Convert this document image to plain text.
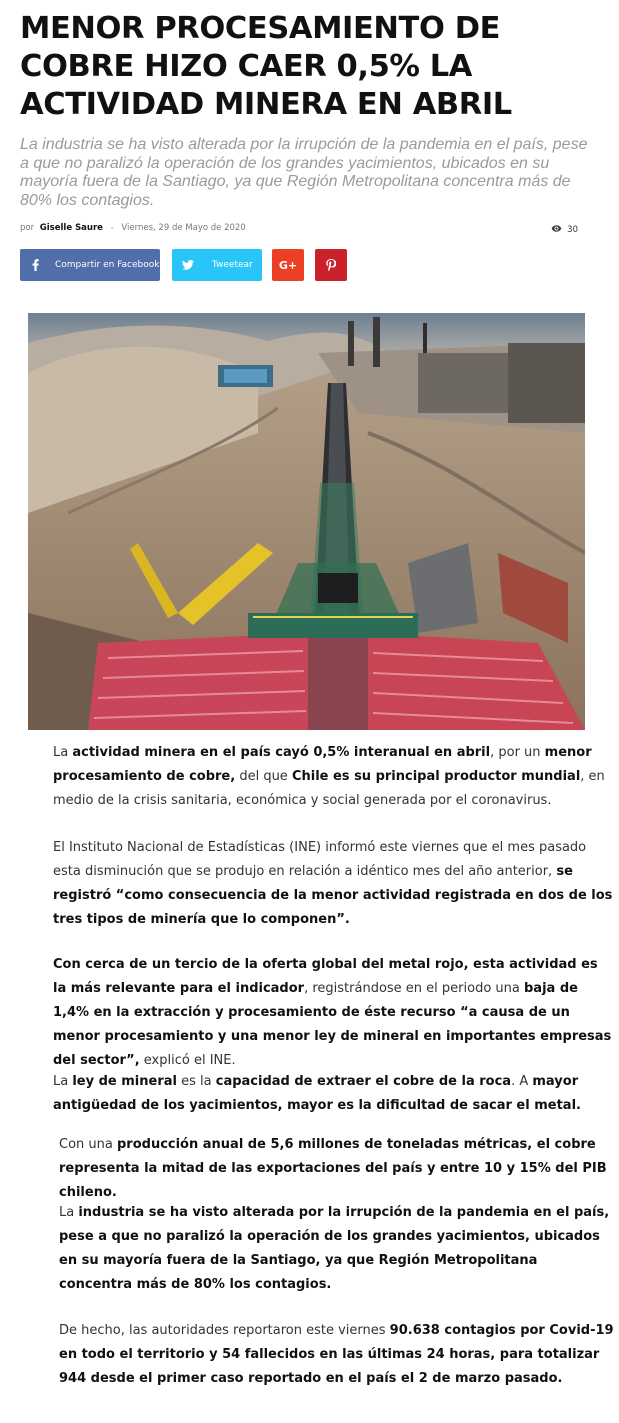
MENOR PROCESAMIENTO DE COBRE HIZO CAER 0,5% LA ACTIVIDAD MINERA EN ABRIL

La industria se ha visto alterada por la irrupción de la pandemia en el país, pese a que no paralizó la operación de los grandes yacimientos, ubicados en su mayoría fuera de la Santiago, ya que Región Metropolitana concentra más de 80% los contagios.

por Giselle Saure - Viernes, 29 de Mayo de 2020	30
Compartir en Facebook	Tweetear G+

La actividad minera en el país cayó 0,5% interanual en abril, por un menor procesamiento de cobre, del que Chile es su principal productor mundial, en medio de la crisis sanitaria, económica y social generada por el coronavirus.

El Instituto Nacional de Estadísticas (INE) informó este viernes que el mes pasado esta disminución que se produjo en relación a idéntico mes del año anterior, se registró “como consecuencia de la menor actividad registrada en dos de los tres tipos de minería que lo componen”.

Con cerca de un tercio de la oferta global del metal rojo, esta actividad es la más relevante para el indicador, registrándose en el periodo una baja de 1,4% en la extracción y procesamiento de éste recurso “a causa de un menor procesamiento y una menor ley de mineral en importantes empresas del sector”, explicó el INE.

La ley de mineral es la capacidad de extraer el cobre de la roca. A mayor antigüedad de los yacimientos, mayor es la dificultad de sacar el metal.

Con una producción anual de 5,6 millones de toneladas métricas, el cobre representa la mitad de las exportaciones del país y entre 10 y 15% del PIB chileno.

La industria se ha visto alterada por la irrupción de la pandemia en el país, pese a que no paralizó la operación de los grandes yacimientos, ubicados en su mayoría fuera de la Santiago, ya que Región Metropolitana concentra más de 80% los contagios.

De hecho, las autoridades reportaron este viernes 90.638 contagios por Covid-19 en todo el territorio y 54 fallecidos en las últimas 24 horas, para totalizar 944 desde el primer caso reportado en el país el 2 de marzo pasado.
